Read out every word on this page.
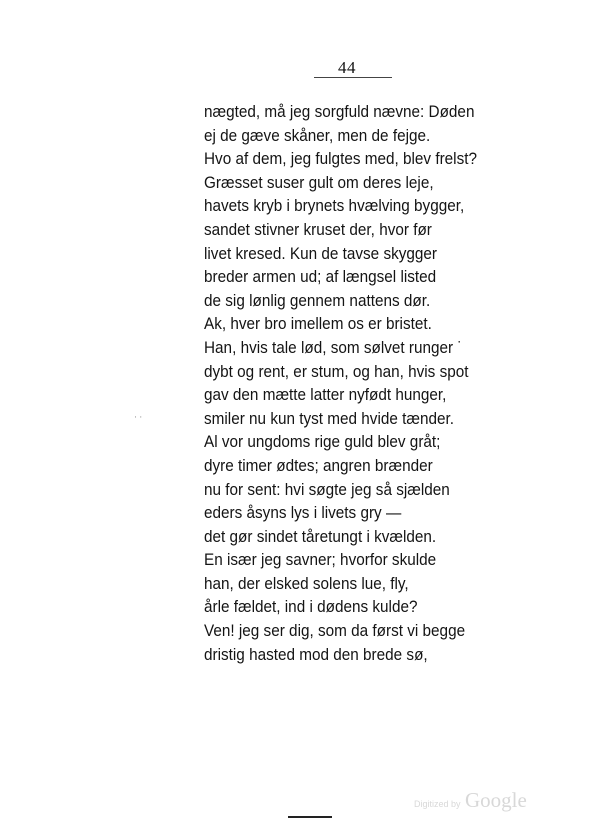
44
nægted, må jeg sorgfuld nævne: Døden
ej de gæve skåner, men de fejge.
Hvo af dem, jeg fulgtes med, blev frelst?
Græsset suser gult om deres leje,
havets kryb i brynets hvælving bygger,
sandet stivner kruset der, hvor før
livet kresed. Kun de tavse skygger
breder armen ud; af længsel listed
de sig lønlig gennem nattens dør.
Ak, hver bro imellem os er bristet.
Han, hvis tale lød, som sølvet runger ˙
dybt og rent, er stum, og han, hvis spot
gav den mætte latter nyfødt hunger,
smiler nu kun tyst med hvide tænder.
Al vor ungdoms rige guld blev gråt;
dyre timer ødtes; angren brænder
nu for sent: hvi søgte jeg så sjælden
eders åsyns lys i livets gry —
det gør sindet tåretungt i kvælden.
En især jeg savner; hvorfor skulde
han, der elsked solens lue, fly,
årle fældet, ind i dødens kulde?
Ven! jeg ser dig, som da først vi begge
dristig hasted mod den brede sø,
· ·
Digitized by Google
